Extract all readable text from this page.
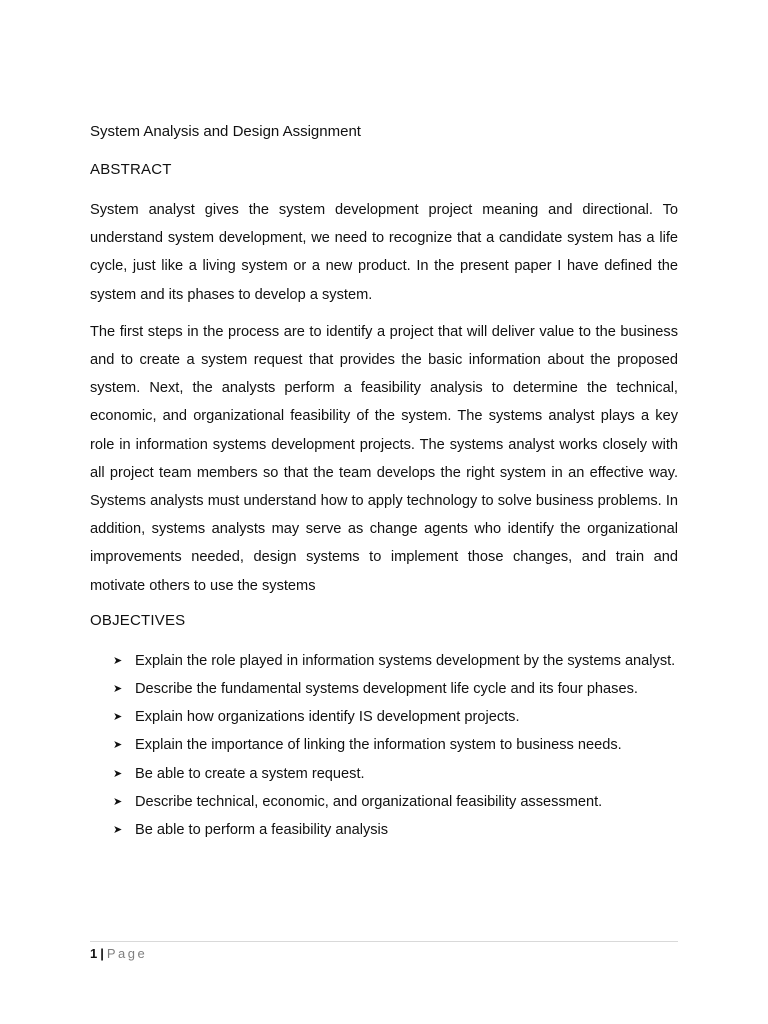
System Analysis and Design Assignment
ABSTRACT

System analyst gives the system development project meaning and directional. To understand system development, we need to recognize that a candidate system has a life cycle, just like a living system or a new product. In the present paper I have defined the system and its phases to develop a system.

The first steps in the process are to identify a project that will deliver value to the business and to create a system request that provides the basic information about the proposed system. Next, the analysts perform a feasibility analysis to determine the technical, economic, and organizational feasibility of the system. The systems analyst plays a key role in information systems development projects. The systems analyst works closely with all project team members so that the team develops the right system in an effective way. Systems analysts must understand how to apply technology to solve business problems. In addition, systems analysts may serve as change agents who identify the organizational improvements needed, design systems to implement those changes, and train and motivate others to use the systems

OBJECTIVES
➤ Explain the role played in information systems development by the systems analyst.
➤ Describe the fundamental systems development life cycle and its four phases.
➤ Explain how organizations identify IS development projects.
➤ Explain the importance of linking the information system to business needs.
➤ Be able to create a system request.
➤ Describe technical, economic, and organizational feasibility assessment.
➤ Be able to perform a feasibility analysis
1 | Page
